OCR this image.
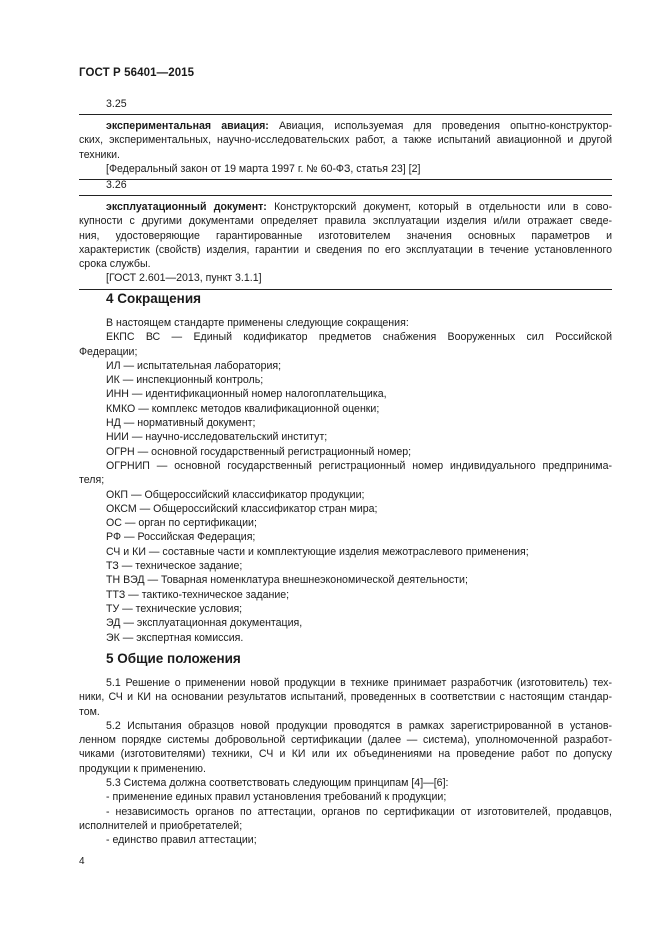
ГОСТ Р 56401—2015
3.25

экспериментальная авиация: Авиация, используемая для проведения опытно-конструктор-

ских, экспериментальных, научно-исследовательских работ, а также испытаний авиационной и другой

техники.

[Федеральный закон от 19 марта 1997 г. № 60-ФЗ, статья 23] [2]

3.26

эксплуатационный документ: Конструкторский документ, который в отдельности или в сово-

купности с другими документами определяет правила эксплуатации изделия и/или отражает сведе-

ния, удостоверяющие гарантированные изготовителем значения основных параметров и

характеристик (свойств) изделия, гарантии и сведения по его эксплуатации в течение установленного

срока службы.

[ГОСТ 2.601—2013, пункт 3.1.1]

4 Сокращения

В настоящем стандарте применены следующие сокращения:

ЕКПС ВС — Единый кодификатор предметов снабжения Вооруженных сил Российской

Федерации;

ИЛ — испытательная лаборатория;

ИК — инспекционный контроль;

ИНН — идентификационный номер налогоплательщика,

КМКО — комплекс методов квалификационной оценки;

НД — нормативный документ;

НИИ — научно-исследовательский институт;

ОГРН — основной государственный регистрационный номер;

ОГРНИП — основной государственный регистрационный номер индивидуального предпринима-

теля;

ОКП — Общероссийский классификатор продукции;

ОКСМ — Общероссийский классификатор стран мира;

ОС — орган по сертификации;

РФ — Российская Федерация;

СЧ и КИ — составные части и комплектующие изделия межотраслевого применения;

ТЗ — техническое задание;

ТН ВЭД — Товарная номенклатура внешнеэкономической деятельности;

ТТЗ — тактико-техническое задание;

ТУ — технические условия;

ЭД — эксплуатационная документация,

ЭК — экспертная комиссия.

5 Общие положения

5.1 Решение о применении новой продукции в технике принимает разработчик (изготовитель) тех-

ники, СЧ и КИ на основании результатов испытаний, проведенных в соответствии с настоящим стандар-

том.

5.2 Испытания образцов новой продукции проводятся в рамках зарегистрированной в установ-

ленном порядке системы добровольной сертификации (далее — система), уполномоченной разработ-

чиками (изготовителями) техники, СЧ и КИ или их объединениями на проведение работ по допуску

продукции к применению.

5.3 Система должна соответствовать следующим принципам [4]—[6]:

- применение единых правил установления требований к продукции;

- независимость органов по аттестации, органов по сертификации от изготовителей, продавцов,

исполнителей и приобретателей;

- единство правил аттестации;

4
